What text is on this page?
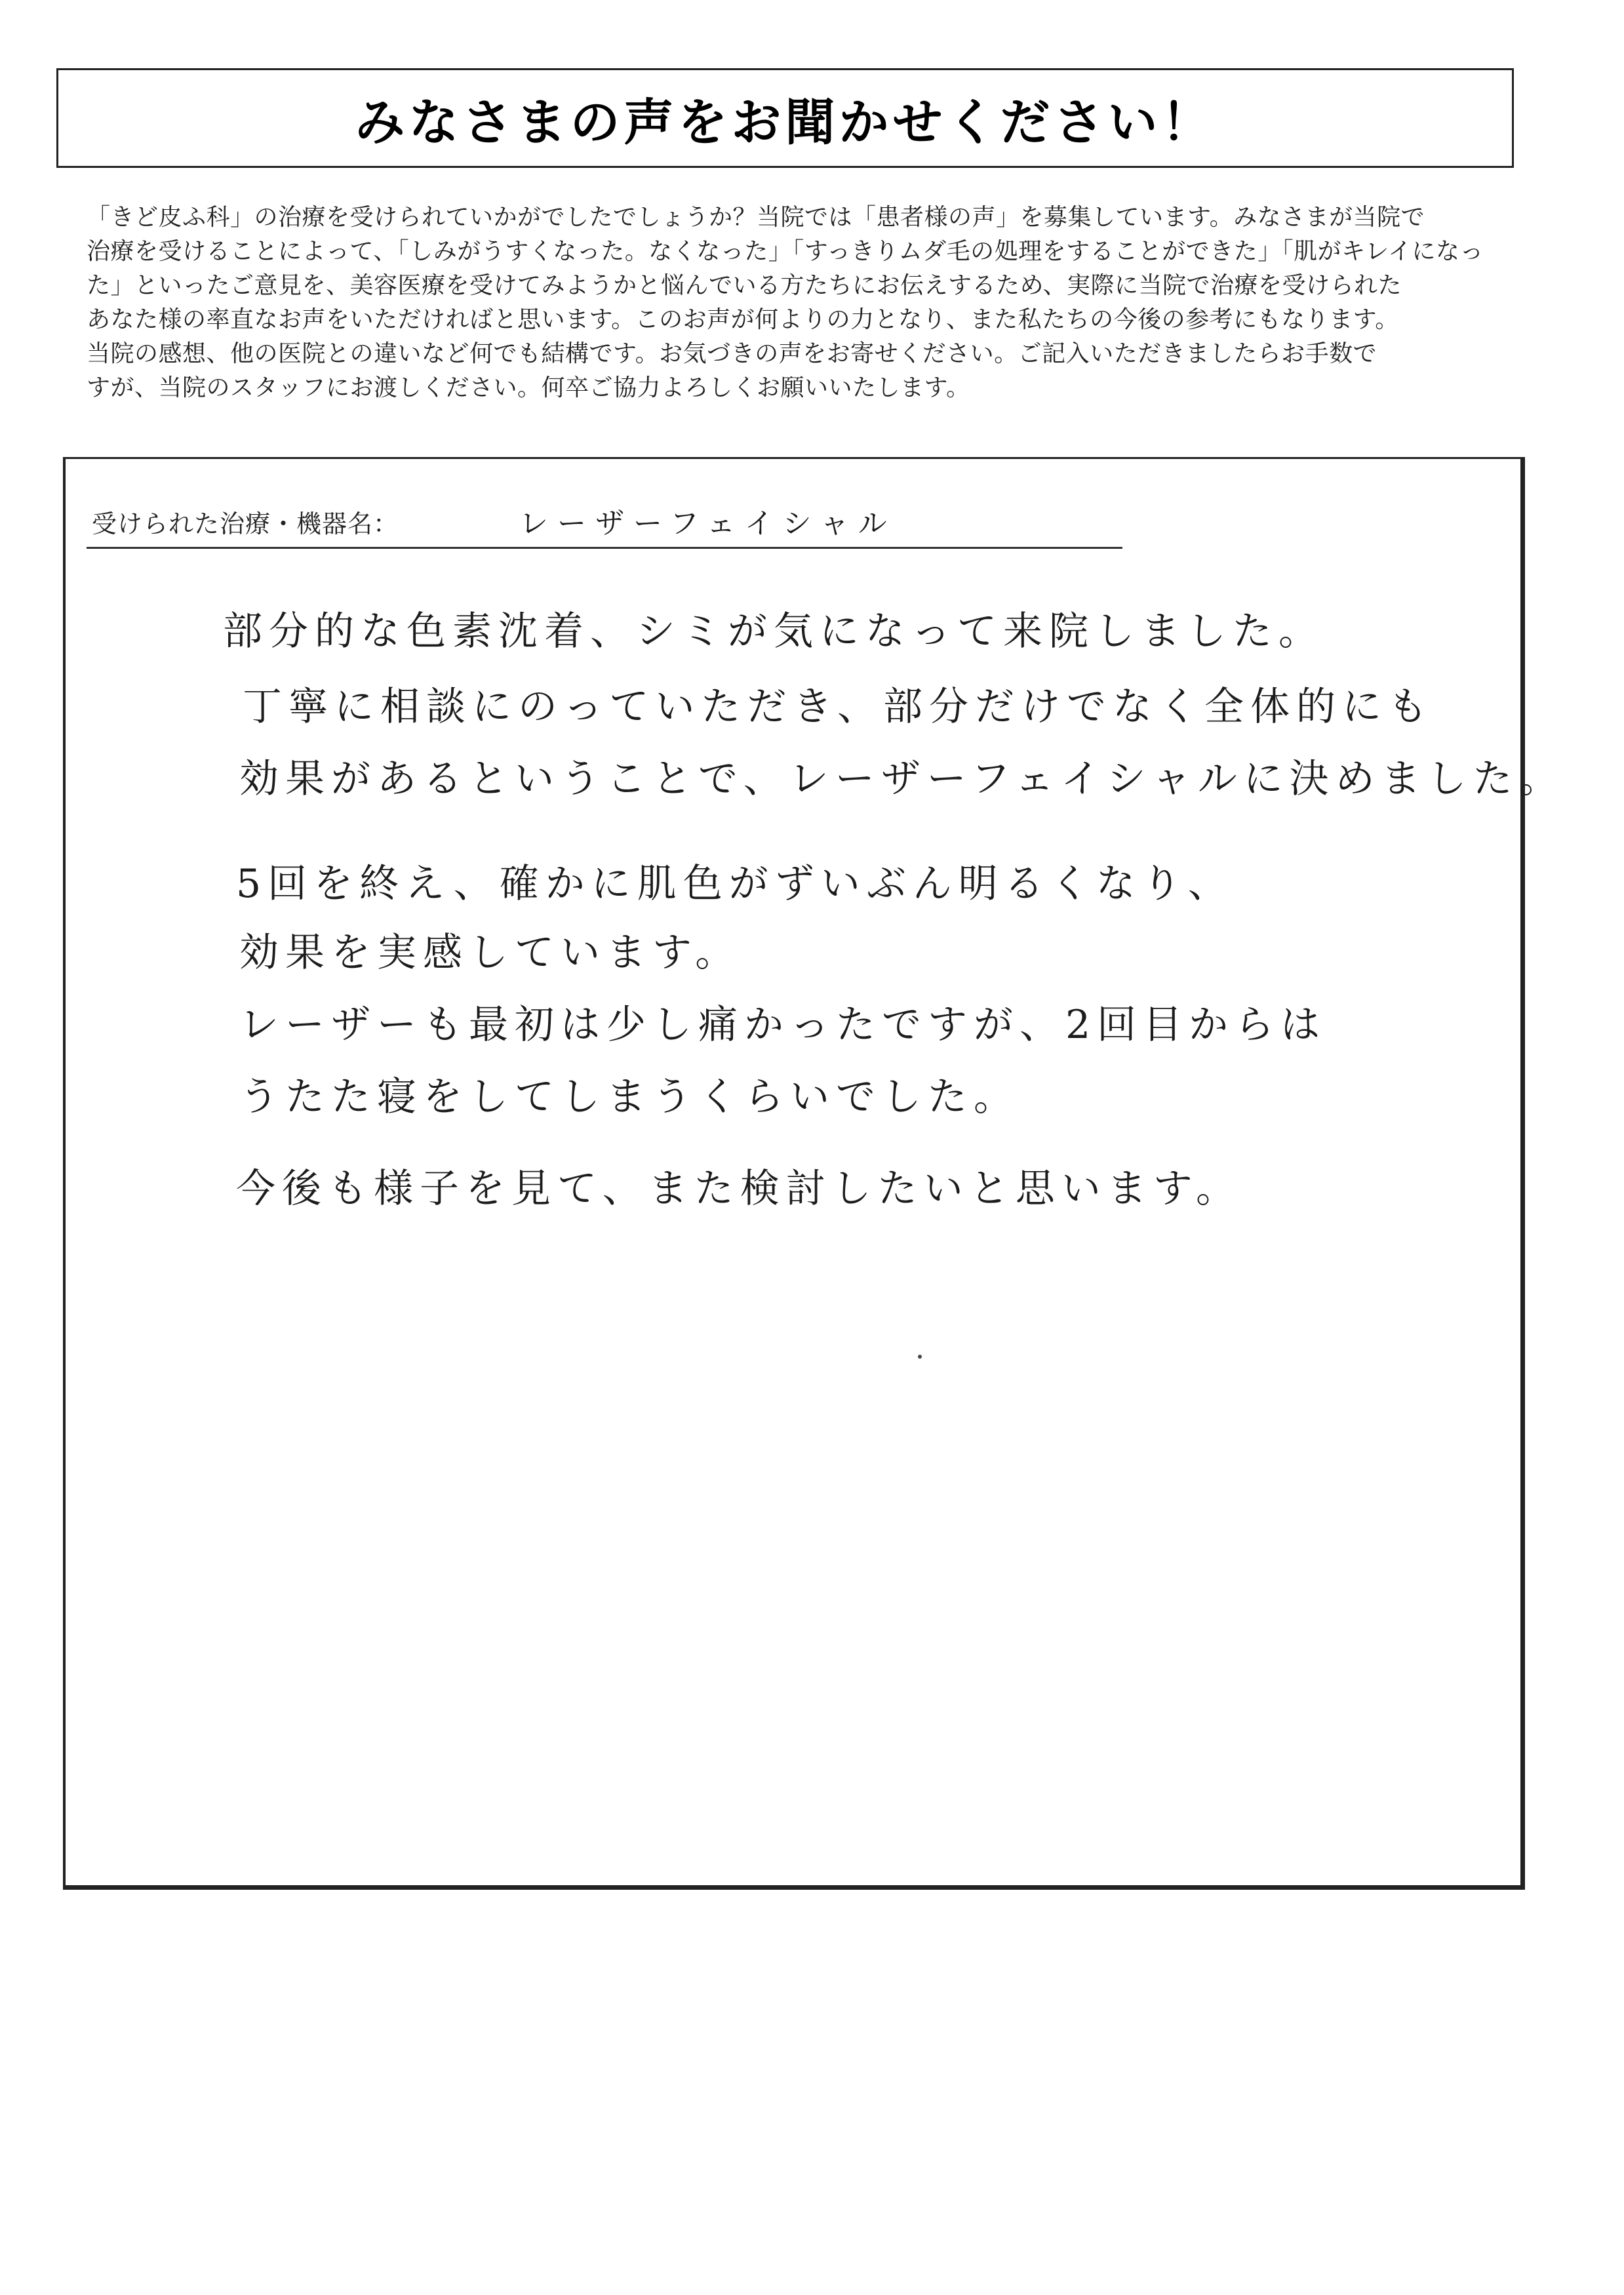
みなさまの声をお聞かせください！
「きど皮ふ科」の治療を受けられていかがでしたでしょうか？当院では「患者様の声」を募集しています。みなさまが当院で
治療を受けることによって、「しみがうすくなった。なくなった」「すっきりムダ毛の処理をすることができた」「肌がキレイになっ
た」といったご意見を、美容医療を受けてみようかと悩んでいる方たちにお伝えするため、実際に当院で治療を受けられた
あなた様の率直なお声をいただければと思います。このお声が何よりの力となり、また私たちの今後の参考にもなります。
当院の感想、他の医院との違いなど何でも結構です。お気づきの声をお寄せください。ご記入いただきましたらお手数で
すが、当院のスタッフにお渡しください。何卒ご協力よろしくお願いいたします。
受けられた治療・機器名：	レーザーフェイシャル
部分的な色素沈着、シミが気になって来院しました。
丁寧に相談にのっていただき、部分だけでなく全体的にも
効果があるということで、レーザーフェイシャルに決めました。
5回を終え、確かに肌色がずいぶん明るくなり、
効果を実感しています。
レーザーも最初は少し痛かったですが、2回目からは
うたた寝をしてしまうくらいでした。
今後も様子を見て、また検討したいと思います。
